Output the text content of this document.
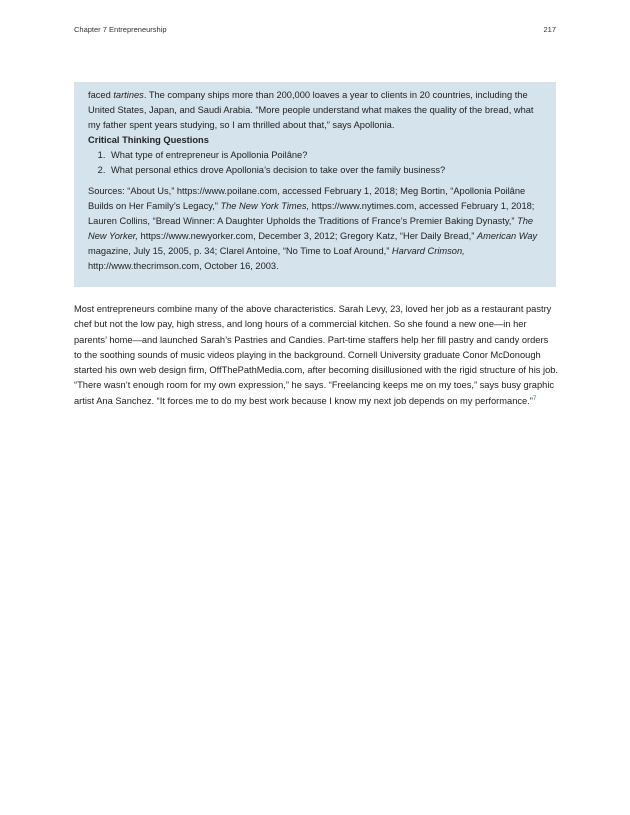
Chapter 7 Entrepreneurship	217

faced tartines. The company ships more than 200,000 loaves a year to clients in 20 countries, including the United States, Japan, and Saudi Arabia. “More people understand what makes the quality of the bread, what my father spent years studying, so I am thrilled about that,” says Apollonia.

Critical Thinking Questions

1. What type of entrepreneur is Apollonia Poilâne?
2. What personal ethics drove Apollonia’s decision to take over the family business?

Sources: “About Us,” https://www.poilane.com, accessed February 1, 2018; Meg Bortin, “Apollonia Poilâne Builds on Her Family’s Legacy,” The New York Times, https://www.nytimes.com, accessed February 1, 2018; Lauren Collins, “Bread Winner: A Daughter Upholds the Traditions of France’s Premier Baking Dynasty,” The New Yorker, https://www.newyorker.com, December 3, 2012; Gregory Katz, “Her Daily Bread,” American Way magazine, July 15, 2005, p. 34; Clarel Antoine, “No Time to Loaf Around,” Harvard Crimson, http://www.thecrimson.com, October 16, 2003.

Most entrepreneurs combine many of the above characteristics. Sarah Levy, 23, loved her job as a restaurant pastry chef but not the low pay, high stress, and long hours of a commercial kitchen. So she found a new one—in her parents’ home—and launched Sarah’s Pastries and Candies. Part-time staffers help her fill pastry and candy orders to the soothing sounds of music videos playing in the background. Cornell University graduate Conor McDonough started his own web design firm, OffThePathMedia.com, after becoming disillusioned with the rigid structure of his job. “There wasn’t enough room for my own expression,” he says. “Freelancing keeps me on my toes,” says busy graphic artist Ana Sanchez. “It forces me to do my best work because I know my next job depends on my performance.”$^7$
